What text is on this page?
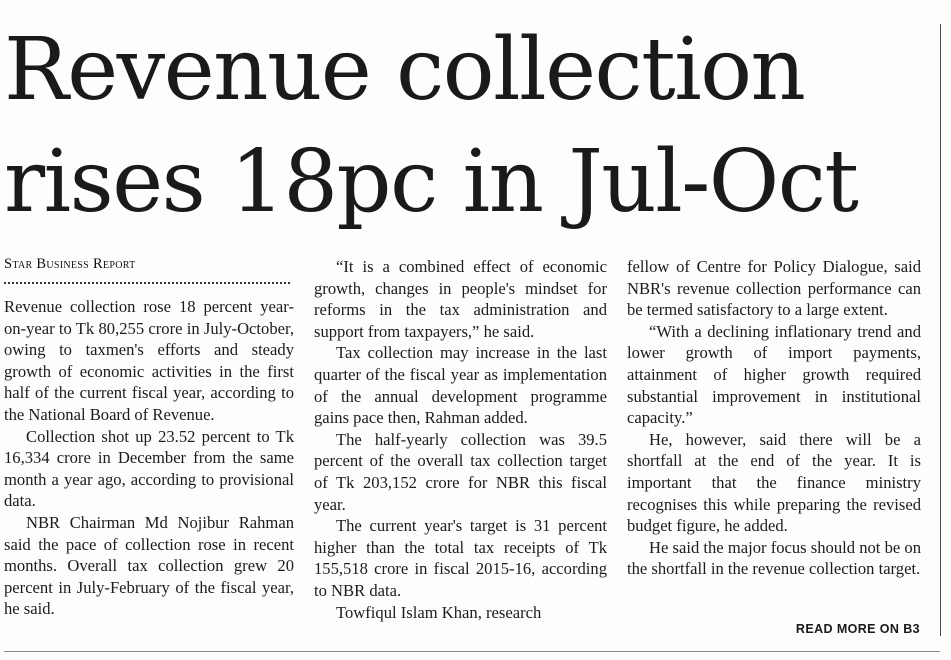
Revenue collection
rises 18pc in Jul-Oct
Star Business Report

Revenue collection rose 18 percent year-on-year to Tk 80,255 crore in July-October, owing to taxmen's efforts and steady growth of economic activities in the first half of the current fiscal year, according to the National Board of Revenue.

Collection shot up 23.52 percent to Tk 16,334 crore in December from the same month a year ago, according to provisional data.

NBR Chairman Md Nojibur Rahman said the pace of collection rose in recent months. Overall tax collection grew 20 percent in July-February of the fiscal year, he said.

“It is a combined effect of economic growth, changes in people's mindset for reforms in the tax administration and support from taxpayers,” he said.

Tax collection may increase in the last quarter of the fiscal year as implementation of the annual development programme gains pace then, Rahman added.

The half-yearly collection was 39.5 percent of the overall tax collection target of Tk 203,152 crore for NBR this fiscal year.

The current year's target is 31 percent higher than the total tax receipts of Tk 155,518 crore in fiscal 2015-16, according to NBR data.

Towfiqul Islam Khan, research

fellow of Centre for Policy Dialogue, said NBR's revenue collection performance can be termed satisfactory to a large extent.

“With a declining inflationary trend and lower growth of import payments, attainment of higher growth required substantial improvement in institutional capacity.”

He, however, said there will be a shortfall at the end of the year. It is important that the finance ministry recognises this while preparing the revised budget figure, he added.

He said the major focus should not be on the shortfall in the revenue collection target.

READ MORE ON B3
